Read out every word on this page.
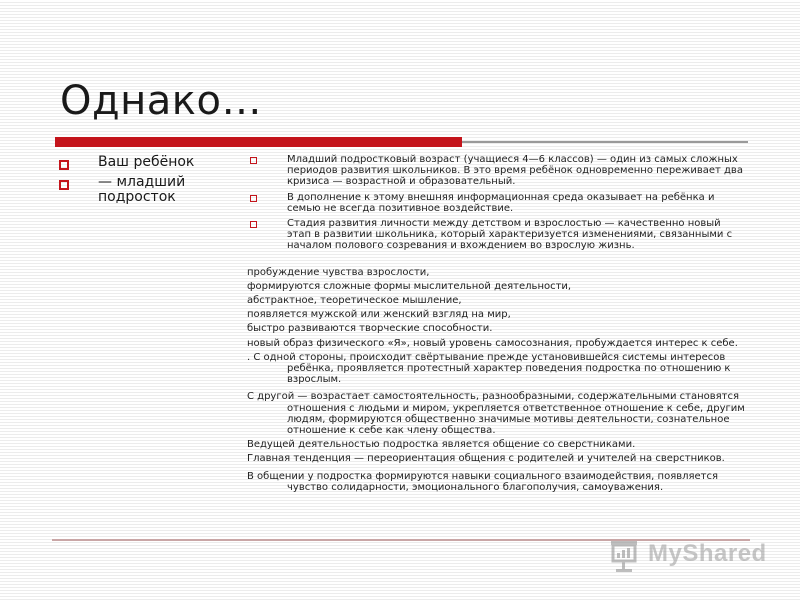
Однако…
Ваш ребёнок
— младший подросток
Младший подростковый возраст (учащиеся 4—6 классов) — один из самых сложных периодов развития школьников. В это время ребёнок одновременно переживает два кризиса — возрастной и образовательный.
В дополнение к этому внешняя информационная среда оказывает на ребёнка и семью не всегда позитивное воздействие.
Стадия развития личности между детством и взрослостью — качественно новый этап в развитии школьника, который характеризуется изменениями, связанными с началом полового созревания и вхождением во взрослую жизнь.
пробуждение чувства взрослости,
формируются сложные формы мыслительной деятельности,
абстрактное, теоретическое мышление,
появляется мужской или женский взгляд на мир,
быстро развиваются творческие способности.
новый образ физического «Я», новый уровень самосознания, пробуждается интерес к себе.
. С одной стороны, происходит свёртывание прежде установившейся системы интересов ребёнка, проявляется протестный характер поведения подростка по отношению к взрослым.
С другой — возрастает самостоятельность, разнообразными, содержательными становятся отношения с людьми и миром, укрепляется ответственное отношение к себе, другим людям, формируются общественно значимые мотивы деятельности, сознательное отношение к себе как члену общества.
Ведущей деятельностью подростка является общение со сверстниками.
Главная тенденция — переориентация общения с родителей и учителей на сверстников.
В общении у подростка формируются навыки социального взаимодействия, появляется чувство солидарности, эмоционального благополучия, самоуважения.
MyShared
